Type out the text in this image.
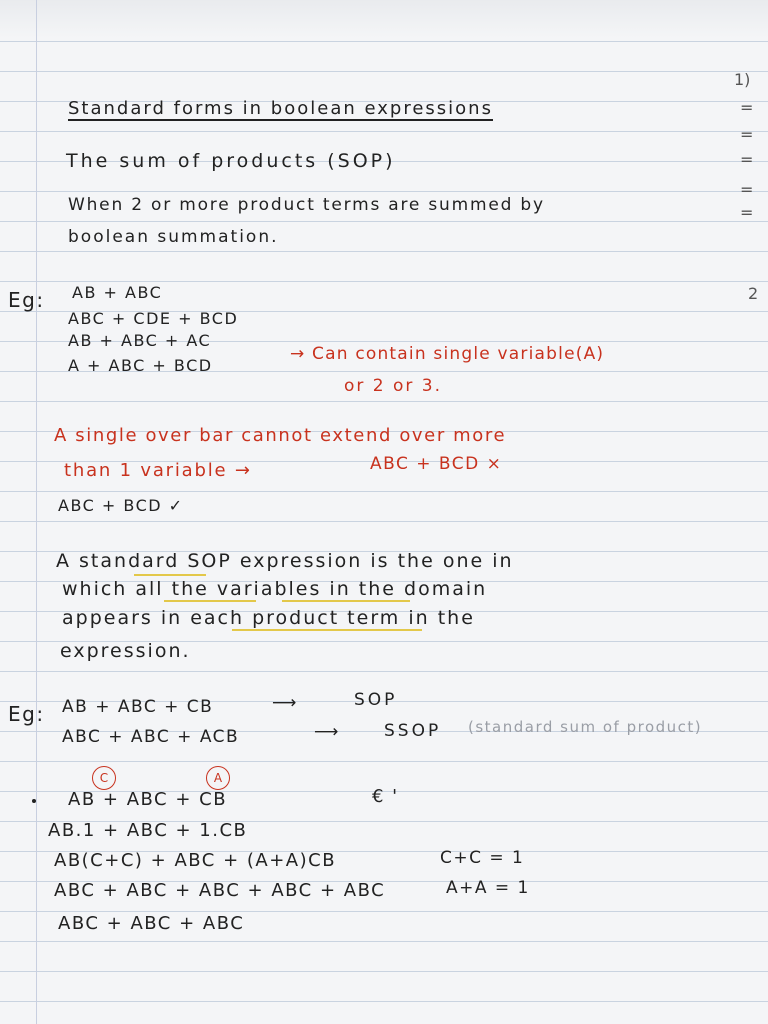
Standard forms in boolean expressions
The sum of products (SOP)
When 2 or more product terms are summed by
boolean summation.
Eg: AB + ABC
ABC + CDE + BCD
AB + ABC + AC
A + ABC + BCD
→ Can contain single variable(A)
or 2 or 3.
A single over bar cannot extend over more
than 1 variable →	ABC + BCD ×
ABC + BCD ✓
A standard SOP expression is the one in
which all the variables in the domain
appears in each product term in the
expression.
Eg: AB + ABC + CB	⟶	SOP
ABC + ABC + ACB	⟶	SSOP (standard sum of product)
C	A
AB + ABC + CB	€ '
AB.1 + ABC + 1.CB
AB(C+C) + ABC + (A+A)CB	C+C = 1
ABC + ABC + ABC + ABC + ABC	A+A = 1
ABC + ABC + ABC
1)
=
=
=
=
=
2
